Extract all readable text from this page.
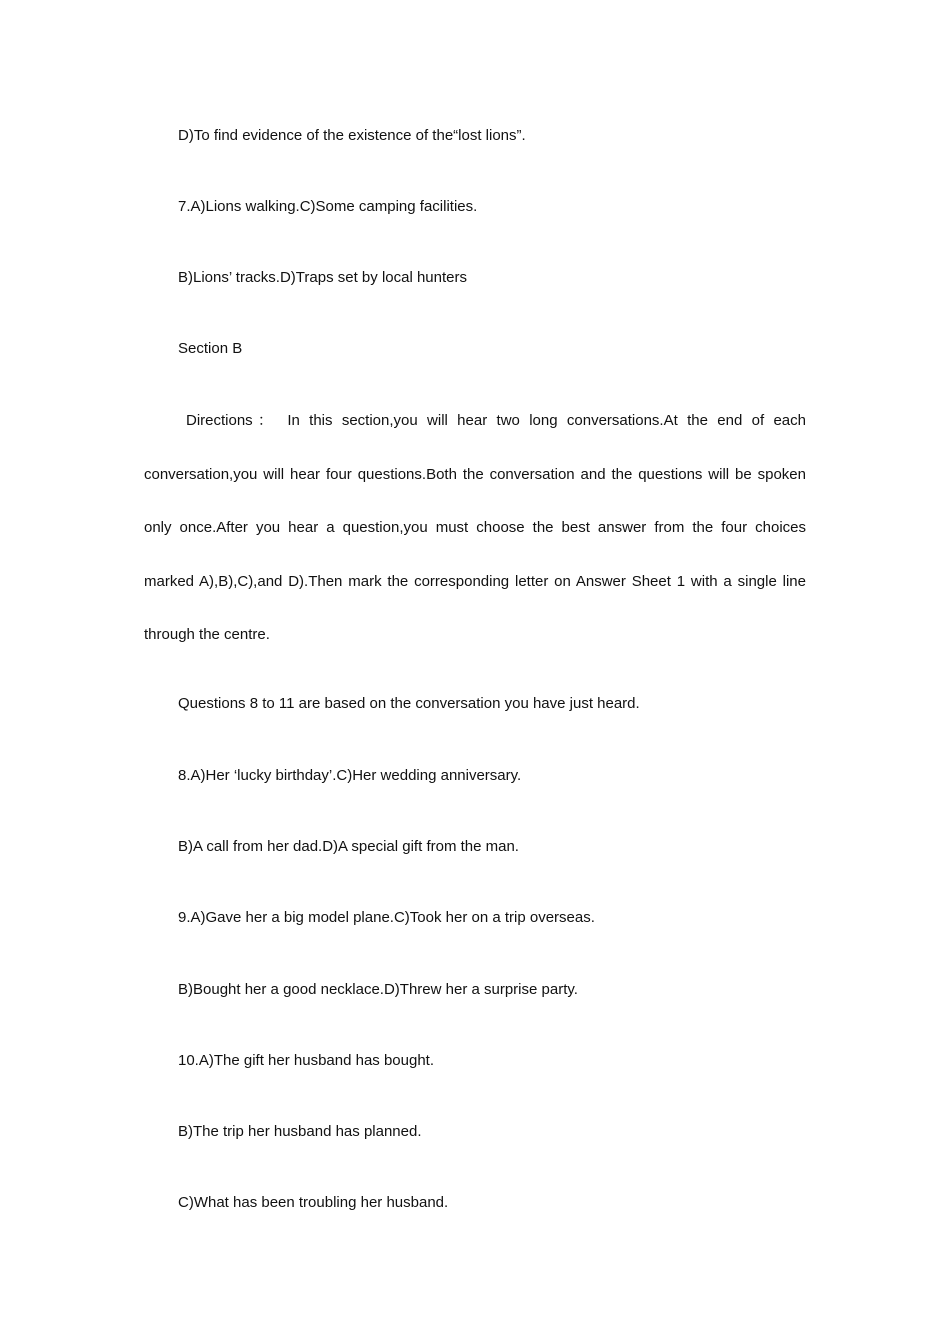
D)To find evidence of the existence of the“lost lions”.
7.A)Lions walking.C)Some camping facilities.
B)Lions’ tracks.D)Traps set by local hunters
Section B
Directions： In this section,you will hear two long conversations.At the end of each
conversation,you will hear four questions.Both the conversation and the questions will be spoken
only once.After you hear a question,you must choose the best answer from the four choices
marked A),B),C),and D).Then mark the corresponding letter on Answer Sheet 1 with a single line
through the centre.
Questions 8 to 11 are based on the conversation you have just heard.
8.A)Her ‘lucky birthday’.C)Her wedding anniversary.
B)A call from her dad.D)A special gift from the man.
9.A)Gave her a big model plane.C)Took her on a trip overseas.
B)Bought her a good necklace.D)Threw her a surprise party.
10.A)The gift her husband has bought.
B)The trip her husband has planned.
C)What has been troubling her husband.
